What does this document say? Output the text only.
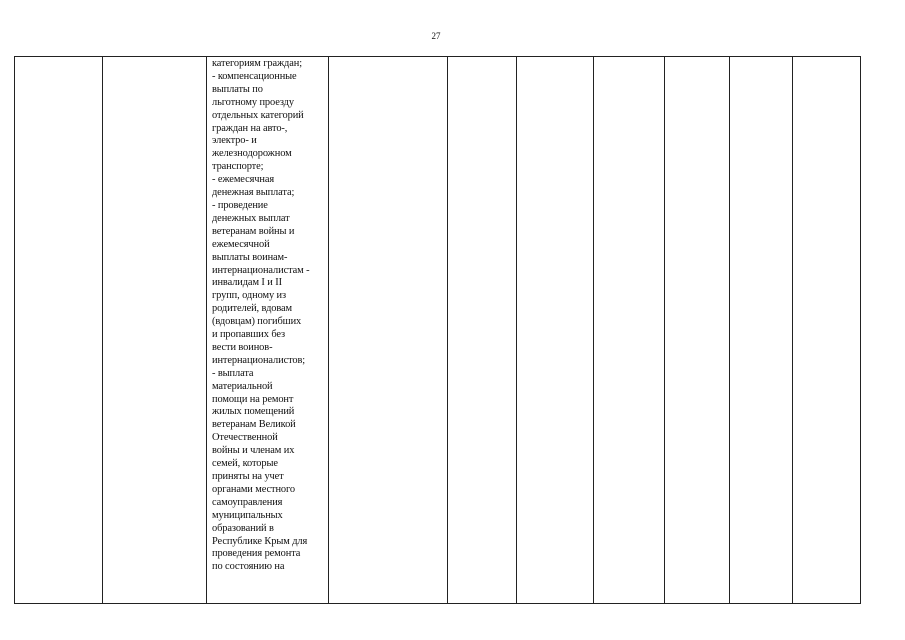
27

категориям граждан;
- компенсационные
выплаты по
льготному проезду
отдельных категорий
граждан на авто-,
электро- и
железнодорожном
транспорте;
- ежемесячная
денежная выплата;
- проведение
денежных выплат
ветеранам войны и
ежемесячной
выплаты воинам-
интернационалистам -
инвалидам I и II
групп, одному из
родителей, вдовам
(вдовцам) погибших
и пропавших без
вести воинов-
интернационалистов;
- выплата
материальной
помощи на ремонт
жилых помещений
ветеранам Великой
Отечественной
войны и членам их
семей, которые
приняты на учет
органами местного
самоуправления
муниципальных
образований в
Республике Крым для
проведения ремонта
по состоянию на
